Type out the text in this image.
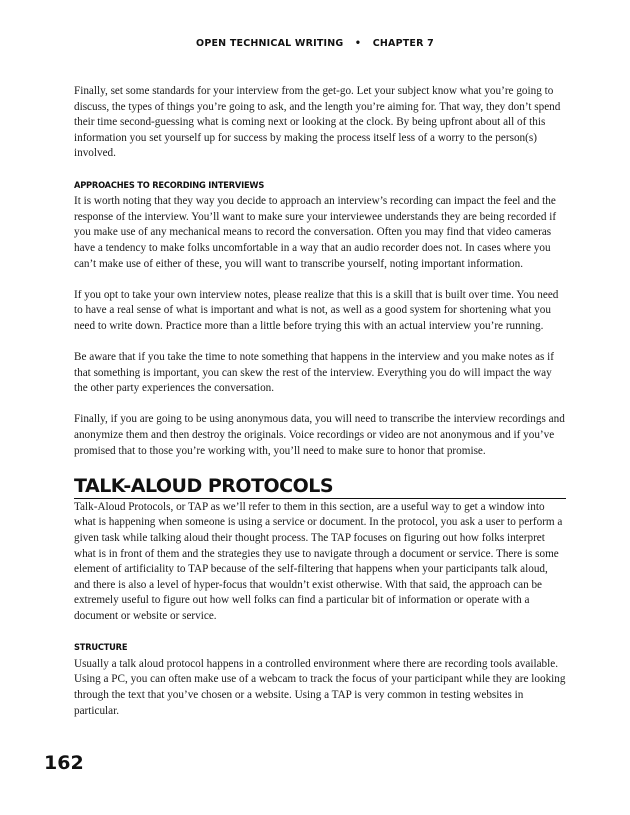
OPEN TECHNICAL WRITING • CHAPTER 7

Finally, set some standards for your interview from the get-go. Let your subject know what you’re going to discuss, the types of things you’re going to ask, and the length you’re aiming for. That way, they don’t spend their time second-guessing what is coming next or looking at the clock. By being upfront about all of this information you set yourself up for success by making the process itself less of a worry to the person(s) involved.

APPROACHES TO RECORDING INTERVIEWS

It is worth noting that they way you decide to approach an interview’s recording can impact the feel and the response of the interview. You’ll want to make sure your interviewee understands they are being recorded if you make use of any mechanical means to record the conversation. Often you may find that video cameras have a tendency to make folks uncomfortable in a way that an audio recorder does not. In cases where you can’t make use of either of these, you will want to transcribe yourself, noting important information.

If you opt to take your own interview notes, please realize that this is a skill that is built over time. You need to have a real sense of what is important and what is not, as well as a good system for shortening what you need to write down. Practice more than a little before trying this with an actual interview you’re running.

Be aware that if you take the time to note something that happens in the interview and you make notes as if that something is important, you can skew the rest of the interview. Everything you do will impact the way the other party experiences the conversation.

Finally, if you are going to be using anonymous data, you will need to transcribe the interview recordings and anonymize them and then destroy the originals. Voice recordings or video are not anonymous and if you’ve promised that to those you’re working with, you’ll need to make sure to honor that promise.

TALK-ALOUD PROTOCOLS

Talk-Aloud Protocols, or TAP as we’ll refer to them in this section, are a useful way to get a window into what is happening when someone is using a service or document. In the protocol, you ask a user to perform a given task while talking aloud their thought process. The TAP focuses on figuring out how folks interpret what is in front of them and the strategies they use to navigate through a document or service. There is some element of artificiality to TAP because of the self-filtering that happens when your participants talk aloud, and there is also a level of hyper-focus that wouldn’t exist otherwise. With that said, the approach can be extremely useful to figure out how well folks can find a particular bit of information or operate with a document or website or service.

STRUCTURE

Usually a talk aloud protocol happens in a controlled environment where there are recording tools available. Using a PC, you can often make use of a webcam to track the focus of your participant while they are looking through the text that you’ve chosen or a website. Using a TAP is very common in testing websites in particular.

162
